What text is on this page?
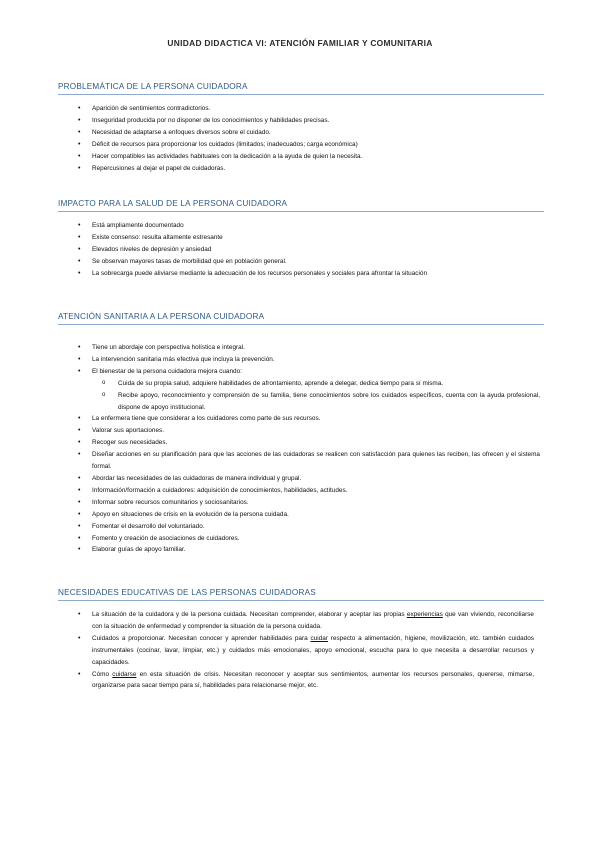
UNIDAD DIDACTICA VI: ATENCIÓN FAMILIAR Y COMUNITARIA
PROBLEMÁTICA DE LA PERSONA CUIDADORA
• Aparición de sentimientos contradictorios.
• Inseguridad producida por no disponer de los conocimientos y habilidades precisas.
• Necesidad de adaptarse a enfoques diversos sobre el cuidado.
• Déficit de recursos para proporcionar los cuidados (limitados; inadecuados; carga económica)
• Hacer compatibles las actividades habituales con la dedicación a la ayuda de quien la necesita.
• Repercusiones al dejar el papel de cuidadoras.
IMPACTO PARA LA SALUD DE LA PERSONA CUIDADORA
• Está ampliamente documentado
• Existe consenso: resulta altamente estresante
• Elevados niveles de depresión y ansiedad
• Se observan mayores tasas de morbilidad que en población general.
• La sobrecarga puede aliviarse mediante la adecuación de los recursos personales y sociales para afrontar la situación
ATENCIÓN SANITARIA A LA PERSONA CUIDADORA
• Tiene un abordaje con perspectiva holística e integral.
• La intervención sanitaria más efectiva que incluya la prevención.
• El bienestar de la persona cuidadora mejora cuando:
o Cuida de su propia salud, adquiere habilidades de afrontamiento, aprende a delegar, dedica tiempo para sí misma.
o Recibe apoyo, reconocimiento y comprensión de su familia, tiene conocimientos sobre los cuidados específicos, cuenta con la ayuda profesional, dispone de apoyo institucional.
• La enfermera tiene que considerar a los cuidadores como parte de sus recursos.
• Valorar sus aportaciones.
• Recoger sus necesidades.
• Diseñar acciones en su planificación para que las acciones de las cuidadoras se realicen con satisfacción para quienes las reciben, las ofrecen y el sistema formal.
• Abordar las necesidades de las cuidadoras de manera individual y grupal.
• Información/formación a cuidadores: adquisición de conocimientos, habilidades, actitudes.
• Informar sobre recursos comunitarios y sociosanitarios.
• Apoyo en situaciones de crisis en la evolución de la persona cuidada.
• Fomentar el desarrollo del voluntariado.
• Fomento y creación de asociaciones de cuidadores.
• Elaborar guías de apoyo familiar.
NECESIDADES EDUCATIVAS DE LAS PERSONAS CUIDADORAS
• La situación de la cuidadora y de la persona cuidada. Necesitan comprender, elaborar y aceptar las propias experiencias que van viviendo, reconciliarse con la situación de enfermedad y comprender la situación de la persona cuidada.
• Cuidados a proporcionar. Necesitan conocer y aprender habilidades para cuidar respecto a alimentación, higiene, movilización, etc. también cuidados instrumentales (cocinar, lavar, limpiar, etc.) y cuidados más emocionales, apoyo emocional, escucha para lo que necesita a desarrollar recursos y capacidades.
• Cómo cuidarse en esta situación de crisis. Necesitan reconocer y aceptar sus sentimientos, aumentar los recursos personales, quererse, mimarse, organizarse para sacar tiempo para sí, habilidades para relacionarse mejor, etc.
